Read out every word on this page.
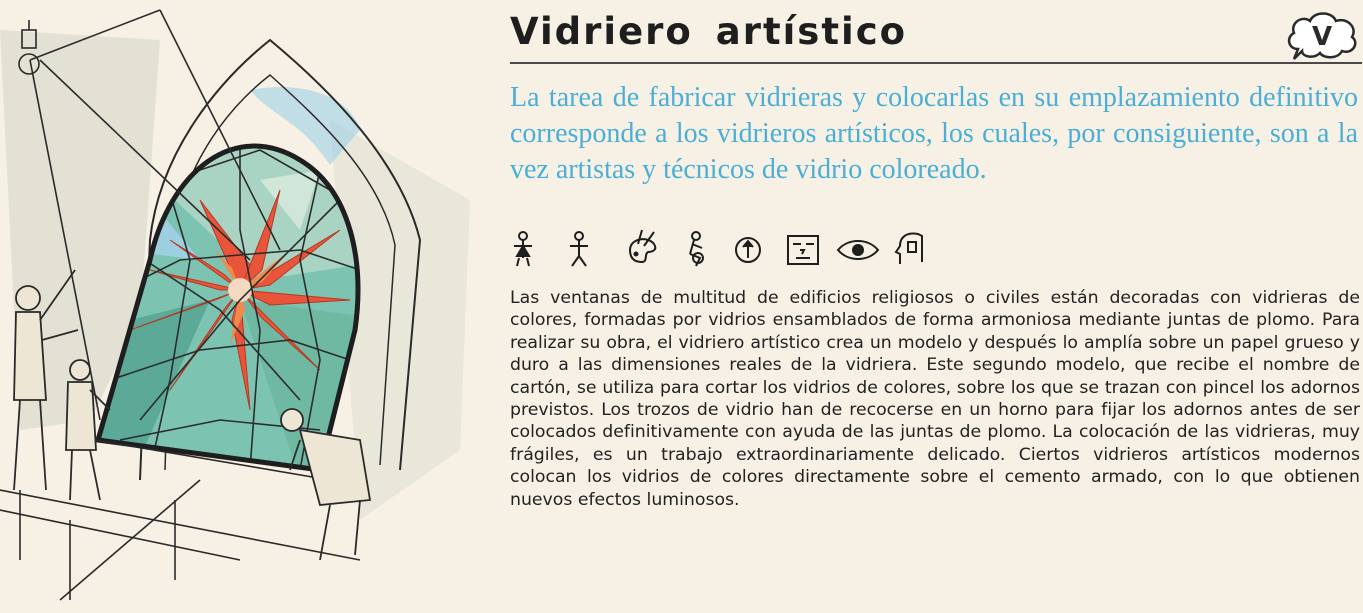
Vidriero artístico	V

La tarea de fabricar vidrieras y colocarlas en su emplazamiento definitivo corresponde a los vidrieros artísticos, los cuales, por consiguiente, son a la vez artistas y técnicos de vidrio coloreado.

Las ventanas de multitud de edificios religiosos o civiles están decoradas con vidrieras de colores, formadas por vidrios ensamblados de forma armoniosa mediante juntas de plomo. Para realizar su obra, el vidriero artístico crea un modelo y después lo amplía sobre un papel grueso y duro a las dimensiones reales de la vidriera. Este segundo modelo, que recibe el nombre de cartón, se utiliza para cortar los vidrios de colores, sobre los que se trazan con pincel los adornos previstos. Los trozos de vidrio han de recocerse en un horno para fijar los adornos antes de ser colocados definitivamente con ayuda de las juntas de plomo. La colocación de las vidrieras, muy frágiles, es un trabajo extraordinariamente delicado. Ciertos vidrieros artísticos modernos colocan los vidrios de colores directamente sobre el cemento armado, con lo que obtienen nuevos efectos luminosos.
